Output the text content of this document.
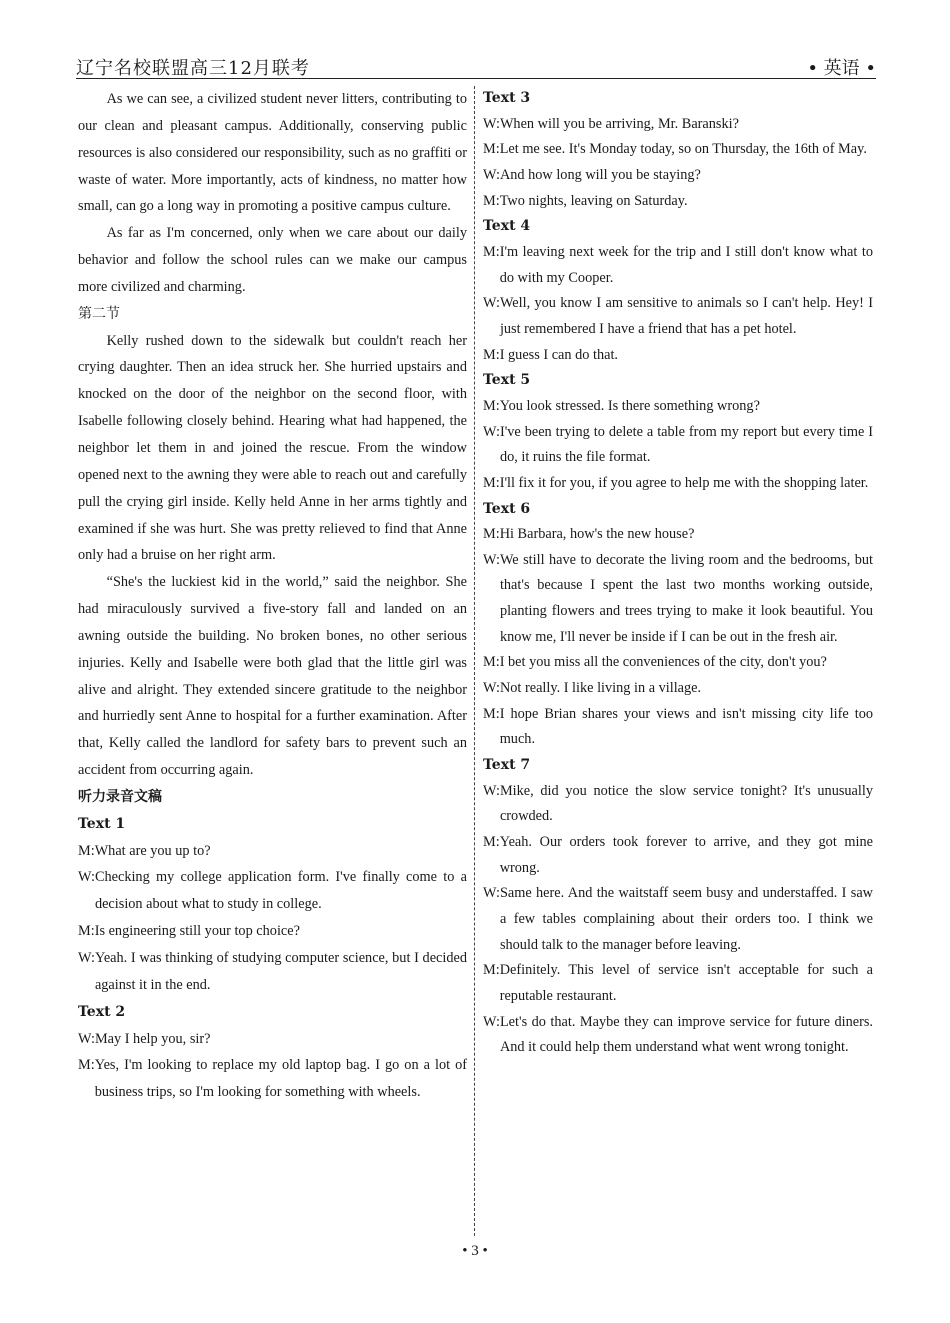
辽宁名校联盟高三12月联考	• 英语 •

As we can see, a civilized student never litters, contributing to our clean and pleasant campus. Additionally, conserving public resources is also considered our responsibility, such as no graffiti or waste of water. More importantly, acts of kindness, no matter how small, can go a long way in promoting a positive campus culture.

As far as I'm concerned, only when we care about our daily behavior and follow the school rules can we make our campus more civilized and charming.

第二节

Kelly rushed down to the sidewalk but couldn't reach her crying daughter. Then an idea struck her. She hurried upstairs and knocked on the door of the neighbor on the second floor, with Isabelle following closely behind. Hearing what had happened, the neighbor let them in and joined the rescue. From the window opened next to the awning they were able to reach out and carefully pull the crying girl inside. Kelly held Anne in her arms tightly and examined if she was hurt. She was pretty relieved to find that Anne only had a bruise on her right arm.

“She's the luckiest kid in the world,” said the neighbor. She had miraculously survived a five-story fall and landed on an awning outside the building. No broken bones, no other serious injuries. Kelly and Isabelle were both glad that the little girl was alive and alright. They extended sincere gratitude to the neighbor and hurriedly sent Anne to hospital for a further examination. After that, Kelly called the landlord for safety bars to prevent such an accident from occurring again.

听力录音文稿

Text 1
M: What are you up to?
W: Checking my college application form. I've finally come to a decision about what to study in college.
M: Is engineering still your top choice?
W: Yeah. I was thinking of studying computer science, but I decided against it in the end.
Text 2
W: May I help you, sir?
M: Yes, I'm looking to replace my old laptop bag. I go on a lot of business trips, so I'm looking for something with wheels.
Text 3
W: When will you be arriving, Mr. Baranski?
M: Let me see. It's Monday today, so on Thursday, the 16th of May.
W: And how long will you be staying?
M: Two nights, leaving on Saturday.
Text 4
M: I'm leaving next week for the trip and I still don't know what to do with my Cooper.
W: Well, you know I am sensitive to animals so I can't help. Hey! I just remembered I have a friend that has a pet hotel.
M: I guess I can do that.
Text 5
M: You look stressed. Is there something wrong?
W: I've been trying to delete a table from my report but every time I do, it ruins the file format.
M: I'll fix it for you, if you agree to help me with the shopping later.
Text 6
M: Hi Barbara, how's the new house?
W: We still have to decorate the living room and the bedrooms, but that's because I spent the last two months working outside, planting flowers and trees trying to make it look beautiful. You know me, I'll never be inside if I can be out in the fresh air.
M: I bet you miss all the conveniences of the city, don't you?
W: Not really. I like living in a village.
M: I hope Brian shares your views and isn't missing city life too much.
Text 7
W: Mike, did you notice the slow service tonight? It's unusually crowded.
M: Yeah. Our orders took forever to arrive, and they got mine wrong.
W: Same here. And the waitstaff seem busy and understaffed. I saw a few tables complaining about their orders too. I think we should talk to the manager before leaving.
M: Definitely. This level of service isn't acceptable for such a reputable restaurant.
W: Let's do that. Maybe they can improve service for future diners. And it could help them understand what went wrong tonight.
• 3 •
